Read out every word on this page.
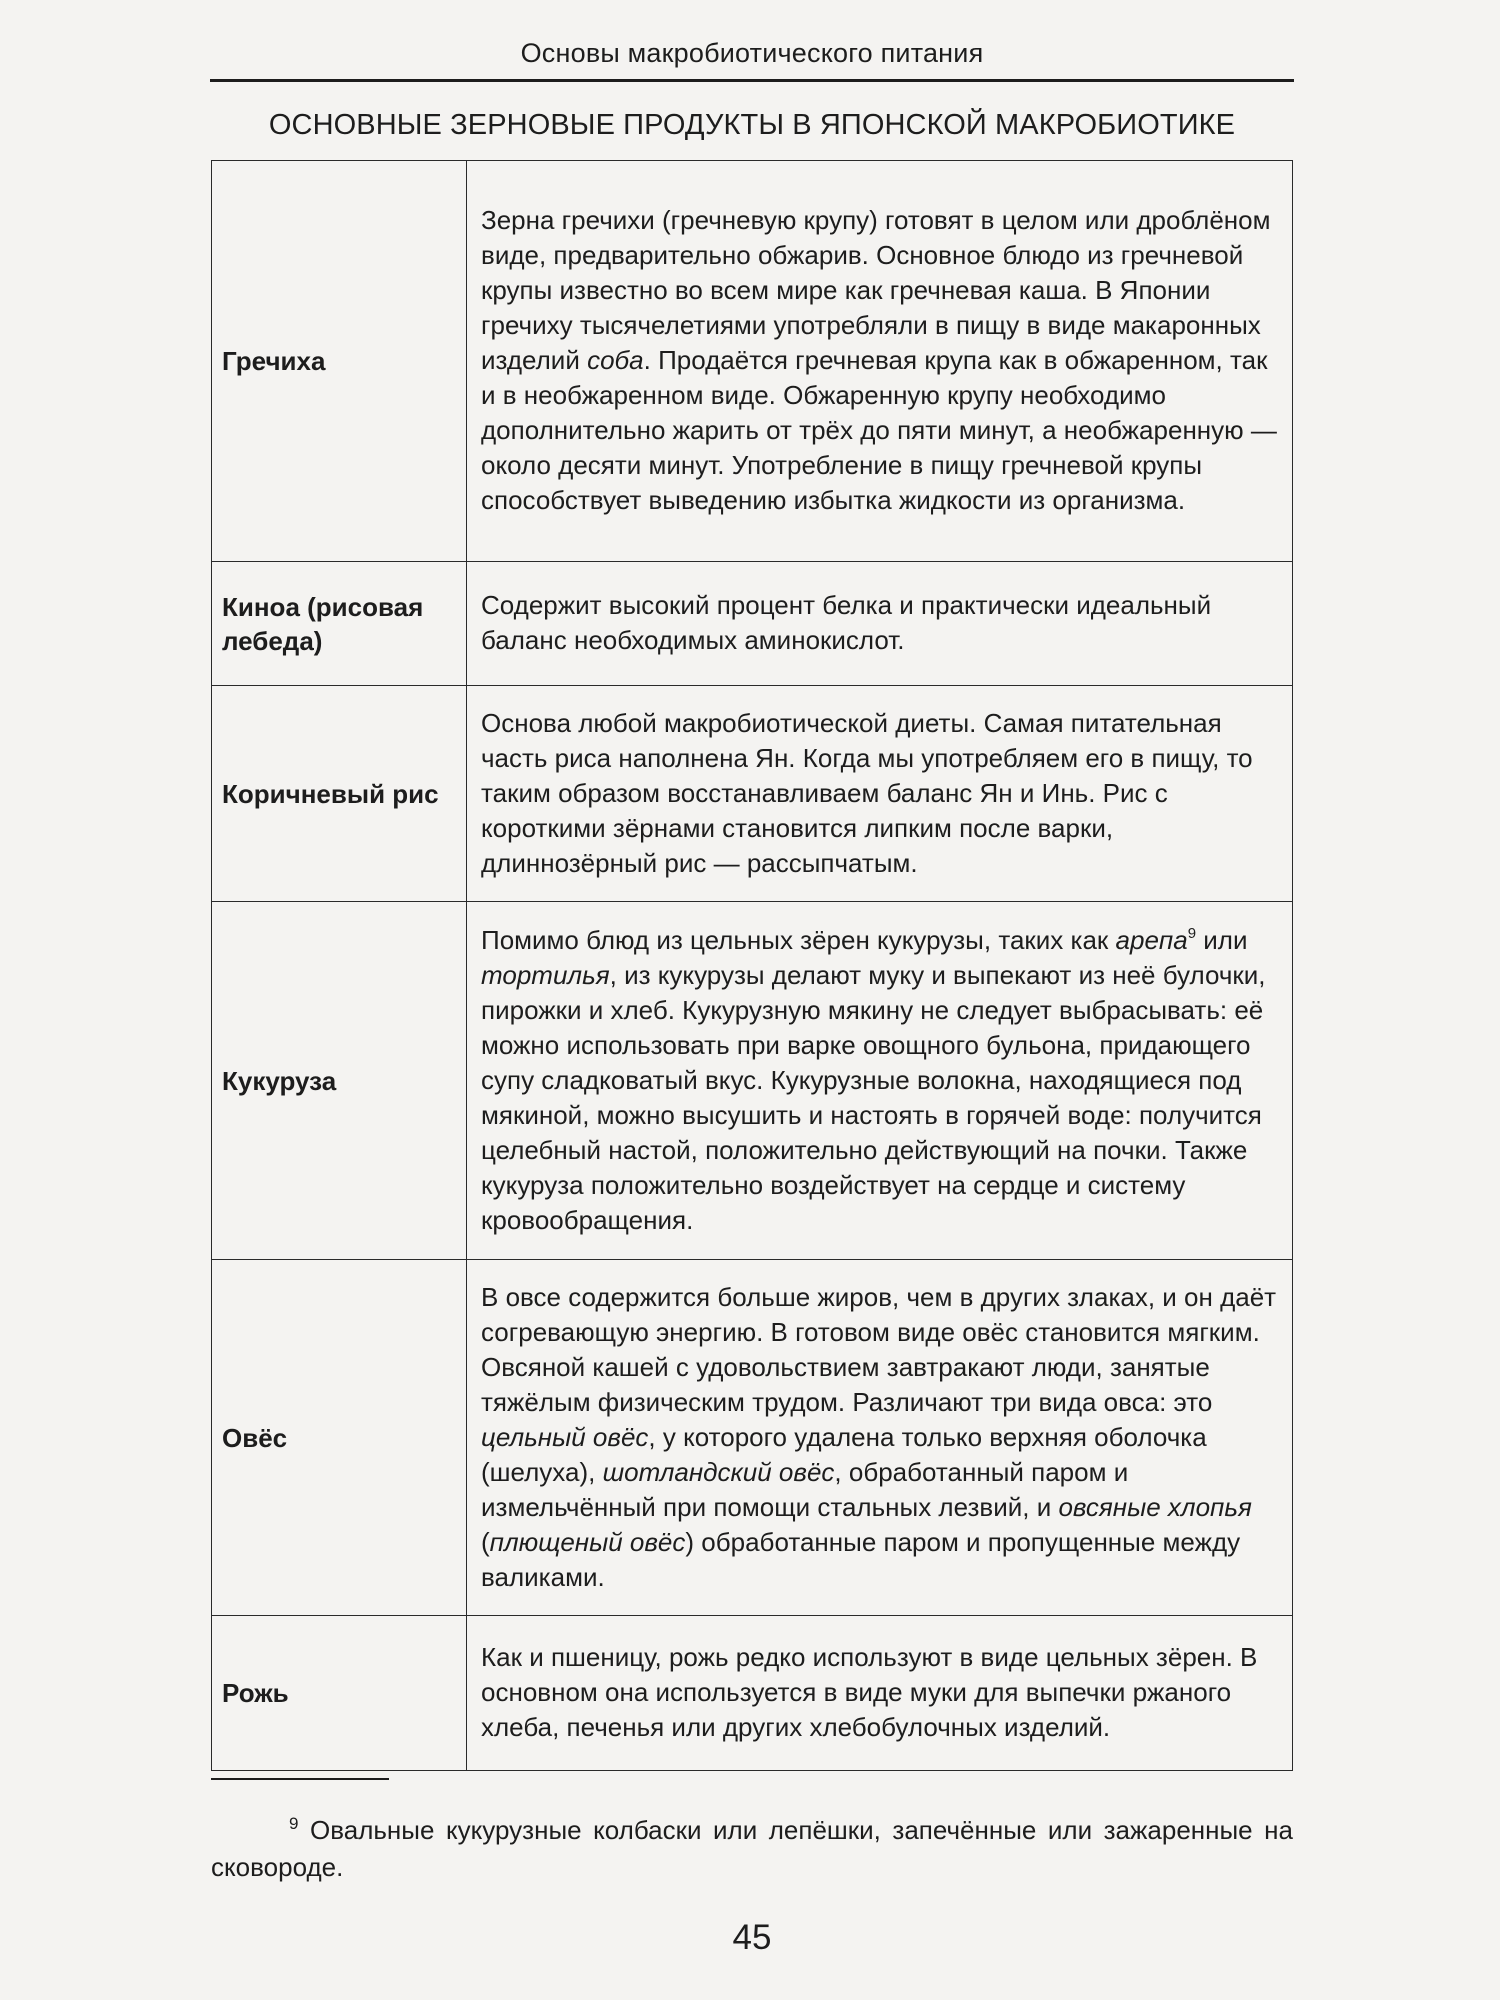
Основы макробиотического питания
ОСНОВНЫЕ ЗЕРНОВЫЕ ПРОДУКТЫ В ЯПОНСКОЙ МАКРОБИОТИКЕ
Гречиха	Зерна гречихи (гречневую крупу) готовят в целом или дроблёном виде, предварительно обжарив. Основное блюдо из гречневой крупы известно во всем мире как гречневая каша. В Японии гречиху тысячелетиями употребляли в пищу в виде макаронных изделий соба. Продаётся гречневая крупа как в обжаренном, так и в необжаренном виде. Обжаренную крупу необходимо дополнительно жарить от трёх до пяти минут, а необжаренную — около десяти минут. Употребление в пищу гречневой крупы способствует выведению избытка жидкости из организма.
Киноа (рисовая лебеда)	Содержит высокий процент белка и практически идеальный баланс необходимых аминокислот.
Коричневый рис	Основа любой макробиотической диеты. Самая питательная часть риса наполнена Ян. Когда мы употребляем его в пищу, то таким образом восстанавливаем баланс Ян и Инь. Рис с короткими зёрнами становится липким после варки, длиннозёрный рис — рассыпчатым.
Кукуруза	Помимо блюд из цельных зёрен кукурузы, таких как арепа$^9$ или тортилья, из кукурузы делают муку и выпекают из неё булочки, пирожки и хлеб. Кукурузную мякину не следует выбрасывать: её можно использовать при варке овощного бульона, придающего супу сладковатый вкус. Кукурузные волокна, находящиеся под мякиной, можно высушить и настоять в горячей воде: получится целебный настой, положительно действующий на почки. Также кукуруза положительно воздействует на сердце и систему кровообращения.
Овёс	В овсе содержится больше жиров, чем в других злаках, и он даёт согревающую энергию. В готовом виде овёс становится мягким. Овсяной кашей с удовольствием завтракают люди, занятые тяжёлым физическим трудом. Различают три вида овса: это цельный овёс, у которого удалена только верхняя оболочка (шелуха), шотландский овёс, обработанный паром и измельчённый при помощи стальных лезвий, и овсяные хлопья (плющеный овёс) обработанные паром и пропущенные между валиками.
Рожь	Как и пшеницу, рожь редко используют в виде цельных зёрен. В основном она используется в виде муки для выпечки ржаного хлеба, печенья или других хлебобулочных изделий.
$^9$ Овальные кукурузные колбаски или лепёшки, запечённые или зажаренные на сковороде.
45
